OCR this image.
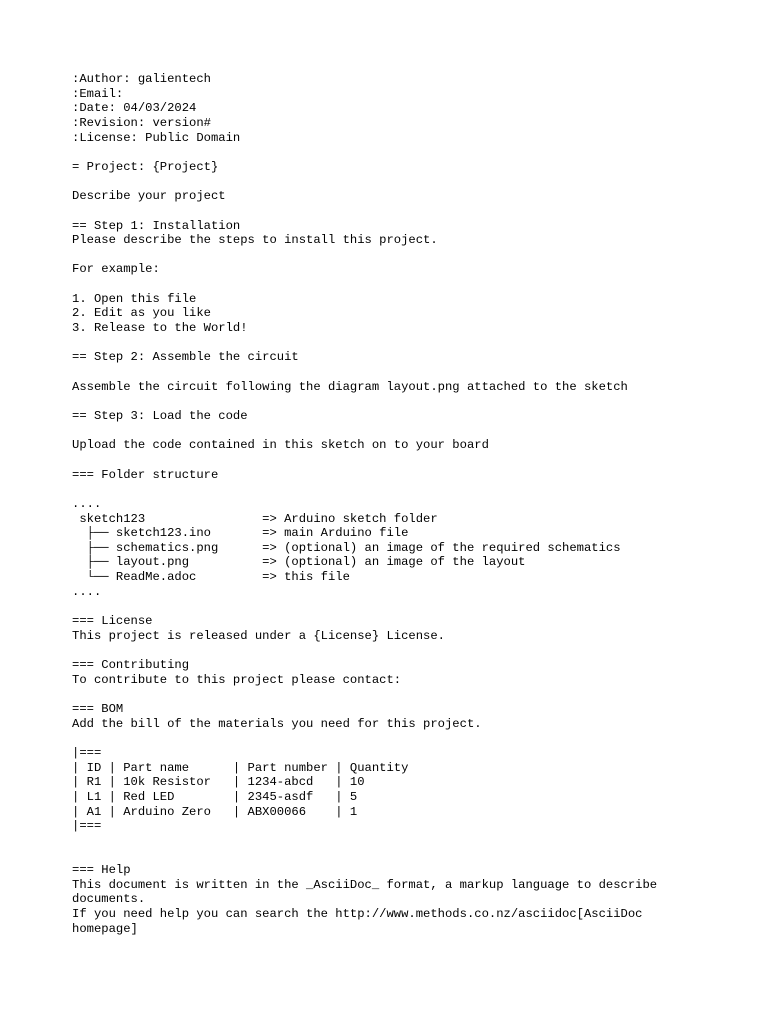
:Author: galientech
:Email:
:Date: 04/03/2024
:Revision: version#
:License: Public Domain
= Project: {Project}
Describe your project
== Step 1: Installation
Please describe the steps to install this project.
For example:
1. Open this file
2. Edit as you like
3. Release to the World!
== Step 2: Assemble the circuit
Assemble the circuit following the diagram layout.png attached to the sketch
== Step 3: Load the code
Upload the code contained in this sketch on to your board
=== Folder structure
....
sketch123                => Arduino sketch folder
├── sketch123.ino       => main Arduino file
├── schematics.png      => (optional) an image of the required schematics
├── layout.png          => (optional) an image of the layout
└── ReadMe.adoc         => this file
....
=== License
This project is released under a {License} License.
=== Contributing
To contribute to this project please contact:
=== BOM
Add the bill of the materials you need for this project.
|===
| ID | Part name      | Part number | Quantity
| R1 | 10k Resistor   | 1234-abcd   | 10
| L1 | Red LED        | 2345-asdf   | 5
| A1 | Arduino Zero   | ABX00066    | 1
|===
=== Help
This document is written in the _AsciiDoc_ format, a markup language to describe
documents.
If you need help you can search the http://www.methods.co.nz/asciidoc[AsciiDoc
homepage]
